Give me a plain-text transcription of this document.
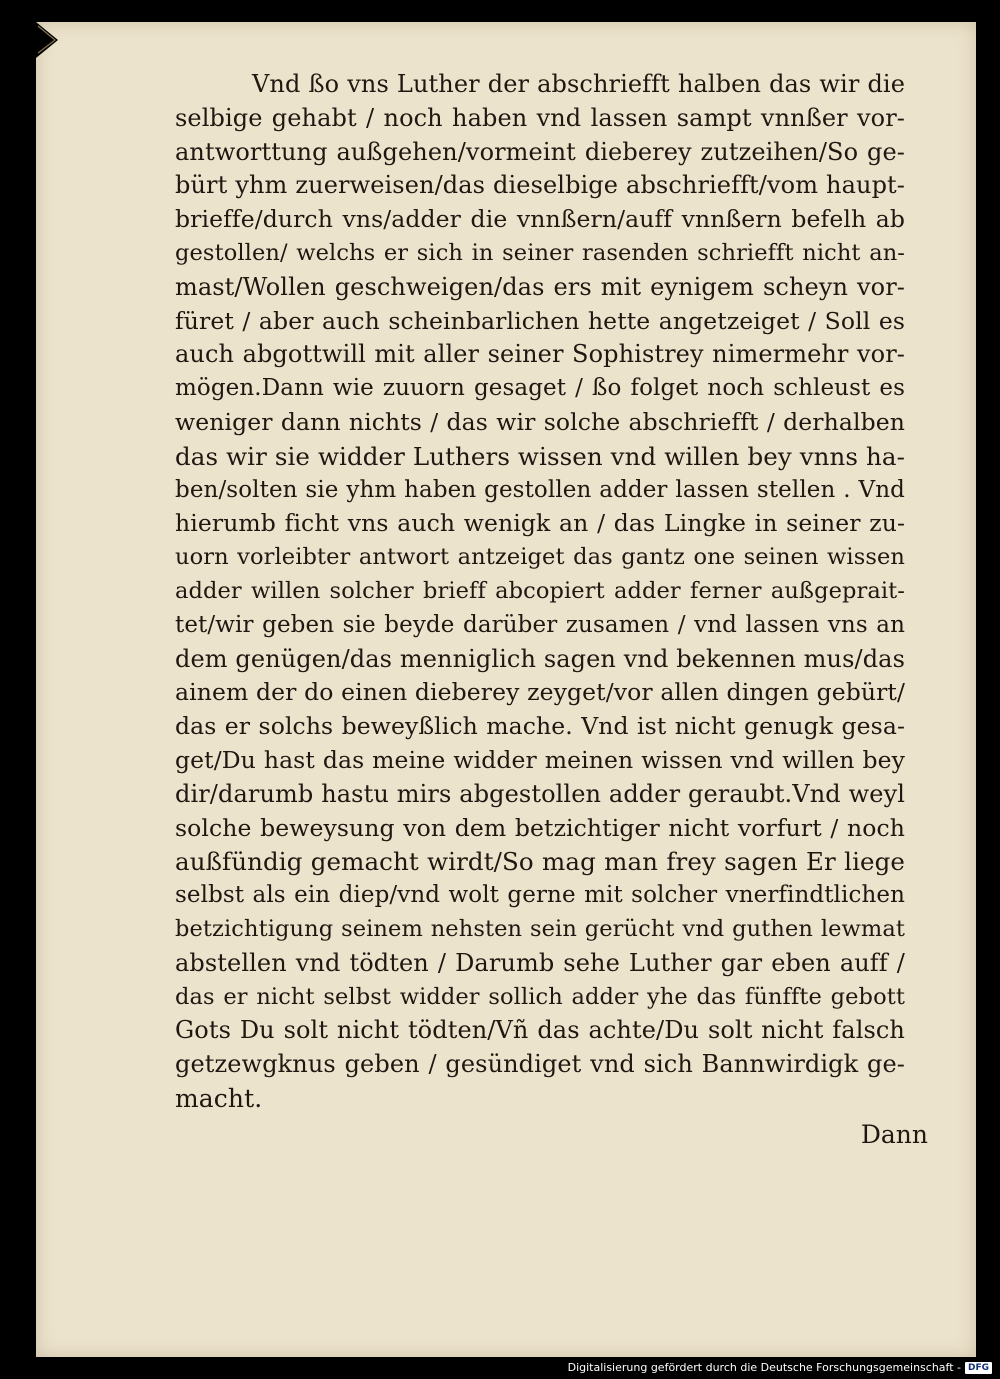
Vnd ßo vns Luther der abschriefft halben das wir die
selbige gehabt / noch haben vnd lassen sampt vnnßer vor-
antworttung außgehen/vormeint dieberey zutzeihen/So ge-
bürt yhm zuerweisen/das dieselbige abschriefft/vom haupt-
brieffe/durch vns/adder die vnnßern/auff vnnßern befelh ab
gestollen/ welchs er sich in seiner rasenden schriefft nicht an-
mast/Wollen geschweigen/das ers mit eynigem scheyn vor-
füret / aber auch scheinbarlichen hette angetzeiget / Soll es
auch abgottwill mit aller seiner Sophistrey nimermehr vor-
mögen.Dann wie zuuorn gesaget / ßo folget noch schleust es
weniger dann nichts / das wir solche abschriefft / derhalben
das wir sie widder Luthers wissen vnd willen bey vnns ha-
ben/solten sie yhm haben gestollen adder lassen stellen . Vnd
hierumb ficht vns auch wenigk an / das Lingke in seiner zu-
uorn vorleibter antwort antzeiget das gantz one seinen wissen
adder willen solcher brieff abcopiert adder ferner außgeprait-
tet/wir geben sie beyde darüber zusamen / vnd lassen vns an
dem genügen/das menniglich sagen vnd bekennen mus/das
ainem der do einen dieberey zeyget/vor allen dingen gebürt/
das er solchs beweyßlich mache. Vnd ist nicht genugk gesa-
get/Du hast das meine widder meinen wissen vnd willen bey
dir/darumb hastu mirs abgestollen adder geraubt.Vnd weyl
solche beweysung von dem betzichtiger nicht vorfurt / noch
außfündig gemacht wirdt/So mag man frey sagen Er liege
selbst als ein diep/vnd wolt gerne mit solcher vnerfindtlichen
betzichtigung seinem nehsten sein gerücht vnd guthen lewmat
abstellen vnd tödten / Darumb sehe Luther gar eben auff /
das er nicht selbst widder sollich adder yhe das fünffte gebott
Gots Du solt nicht tödten/Vñ das achte/Du solt nicht falsch
getzewgknus geben / gesündiget vnd sich Bannwirdigk ge-
macht.
Dann
Digitalisierung gefördert durch die Deutsche Forschungsgemeinschaft - DFG
